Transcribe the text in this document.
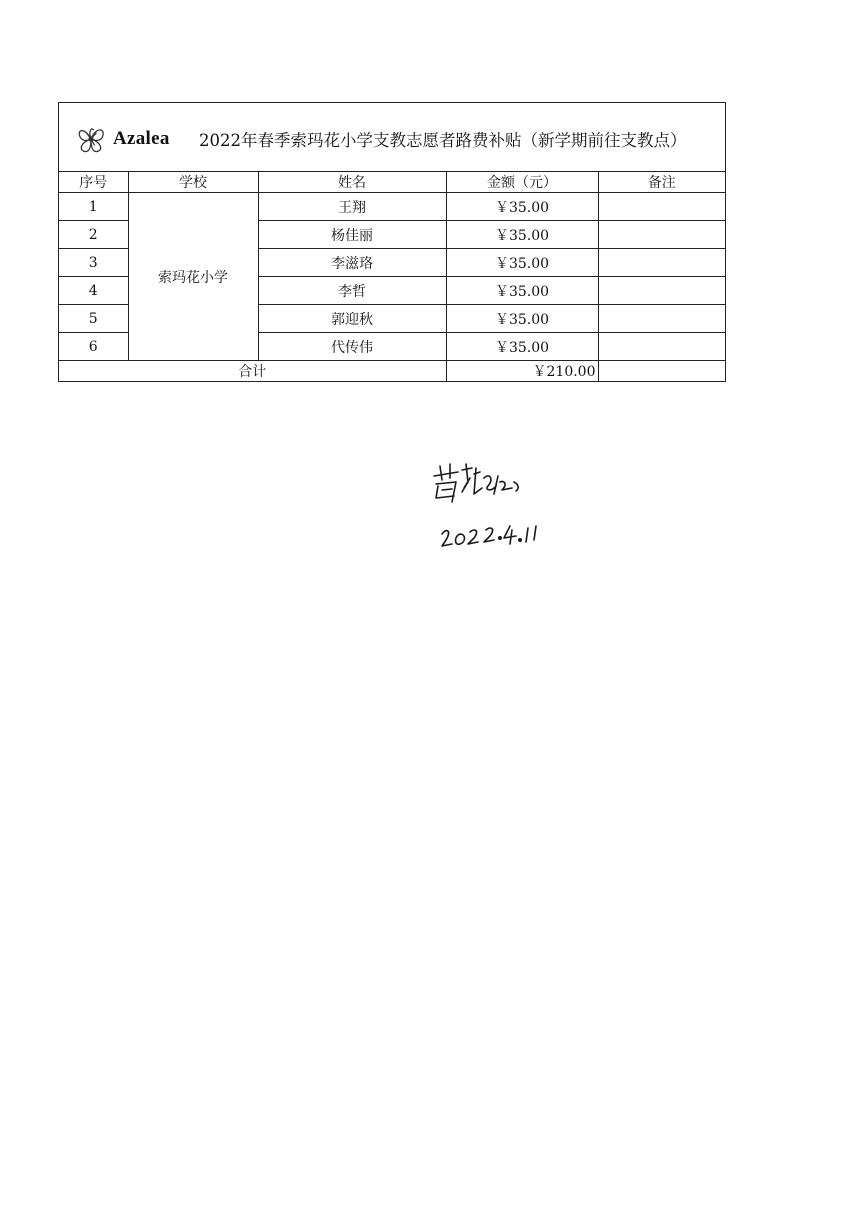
Azalea 2022年春季索玛花小学支教志愿者路费补贴（新学期前往支教点）
序号	学校	姓名	金额（元）	备注
1	索玛花小学	王翔	￥35.00	
2		杨佳丽	￥35.00	
3		李滋珞	￥35.00	
4		李哲	￥35.00	
5		郭迎秋	￥35.00	
6		代传伟	￥35.00	
合计			￥210.00	
